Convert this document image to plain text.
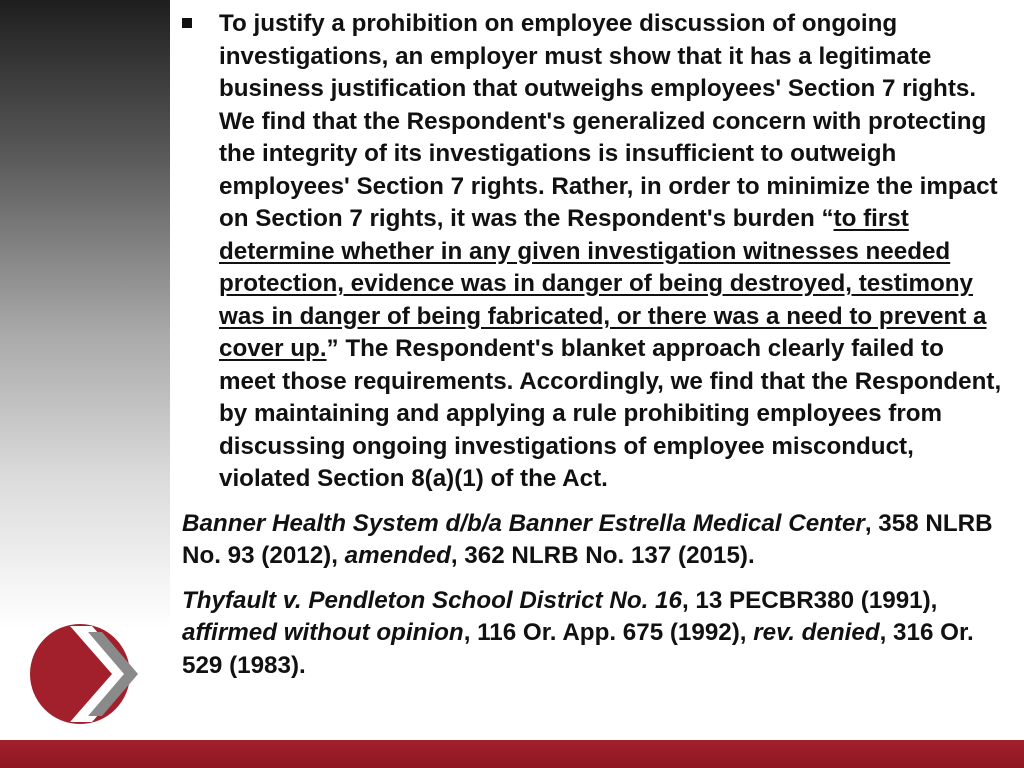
To justify a prohibition on employee discussion of ongoing investigations, an employer must show that it has a legitimate business justification that outweighs employees' Section 7 rights. We find that the Respondent's generalized concern with protecting the integrity of its investigations is insufficient to outweigh employees' Section 7 rights. Rather, in order to minimize the impact on Section 7 rights, it was the Respondent's burden “to first determine whether in any given investigation witnesses needed protection, evidence was in danger of being destroyed, testimony was in danger of being fabricated, or there was a need to prevent a cover up.” The Respondent's blanket approach clearly failed to meet those requirements. Accordingly, we find that the Respondent, by maintaining and applying a rule prohibiting employees from discussing ongoing investigations of employee misconduct, violated Section 8(a)(1) of the Act.
Banner Health System d/b/a Banner Estrella Medical Center, 358 NLRB No. 93 (2012), amended, 362 NLRB No. 137 (2015).
Thyfault v. Pendleton School District No. 16, 13 PECBR380 (1991),  affirmed without opinion, 116 Or. App. 675 (1992), rev. denied, 316 Or. 529 (1983).
